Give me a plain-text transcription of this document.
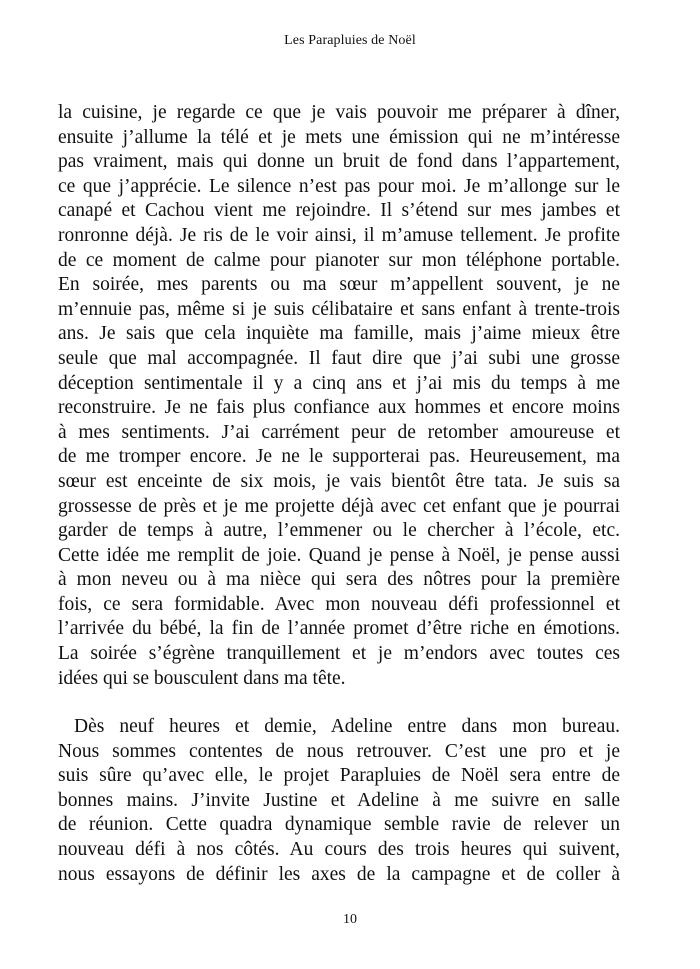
Les Parapluies de Noël
la cuisine, je regarde ce que je vais pouvoir me préparer à dîner,
ensuite j’allume la télé et je mets une émission qui ne m’intéresse
pas vraiment, mais qui donne un bruit de fond dans l’appartement,
ce que j’apprécie. Le silence n’est pas pour moi. Je m’allonge sur le
canapé et Cachou vient me rejoindre. Il s’étend sur mes jambes et
ronronne déjà. Je ris de le voir ainsi, il m’amuse tellement. Je profite
de ce moment de calme pour pianoter sur mon téléphone portable.
En soirée, mes parents ou ma sœur m’appellent souvent, je ne
m’ennuie pas, même si je suis célibataire et sans enfant à trente-trois
ans. Je sais que cela inquiète ma famille, mais j’aime mieux être
seule que mal accompagnée. Il faut dire que j’ai subi une grosse
déception sentimentale il y a cinq ans et j’ai mis du temps à me
reconstruire. Je ne fais plus confiance aux hommes et encore moins
à mes sentiments. J’ai carrément peur de retomber amoureuse et
de me tromper encore. Je ne le supporterai pas. Heureusement, ma
sœur est enceinte de six mois, je vais bientôt être tata. Je suis sa
grossesse de près et je me projette déjà avec cet enfant que je pourrai
garder de temps à autre, l’emmener ou le chercher à l’école, etc.
Cette idée me remplit de joie. Quand je pense à Noël, je pense aussi
à mon neveu ou à ma nièce qui sera des nôtres pour la première
fois, ce sera formidable. Avec mon nouveau défi professionnel et
l’arrivée du bébé, la fin de l’année promet d’être riche en émotions.
La soirée s’égrène tranquillement et je m’endors avec toutes ces
idées qui se bousculent dans ma tête.
Dès neuf heures et demie, Adeline entre dans mon bureau.
Nous sommes contentes de nous retrouver. C’est une pro et je
suis sûre qu’avec elle, le projet Parapluies de Noël sera entre de
bonnes mains. J’invite Justine et Adeline à me suivre en salle
de réunion. Cette quadra dynamique semble ravie de relever un
nouveau défi à nos côtés. Au cours des trois heures qui suivent,
nous essayons de définir les axes de la campagne et de coller à
10
